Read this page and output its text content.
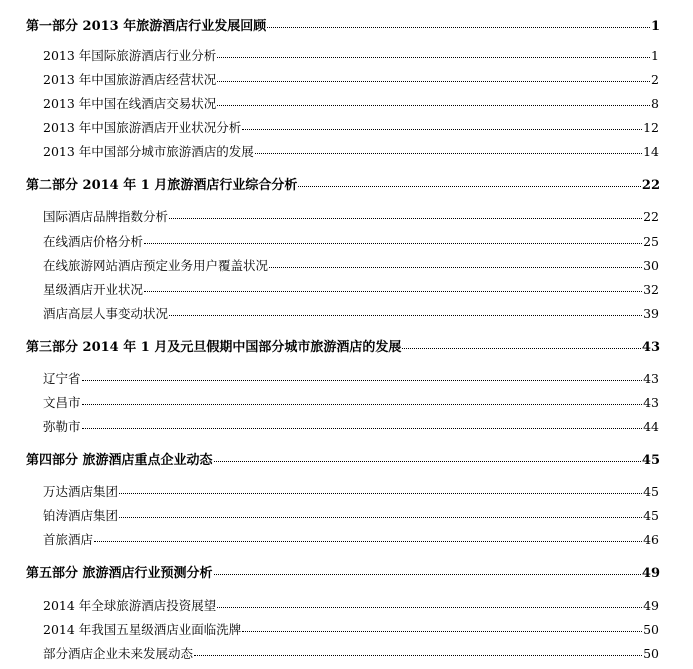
第一部分 2013 年旅游酒店行业发展回顾	1
2013 年国际旅游酒店行业分析	1
2013 年中国旅游酒店经营状况	2
2013 年中国在线酒店交易状况	8
2013 年中国旅游酒店开业状况分析	12
2013 年中国部分城市旅游酒店的发展	14
第二部分 2014 年 1 月旅游酒店行业综合分析	22
国际酒店品牌指数分析	22
在线酒店价格分析	25
在线旅游网站酒店预定业务用户覆盖状况	30
星级酒店开业状况	32
酒店高层人事变动状况	39
第三部分 2014 年 1 月及元旦假期中国部分城市旅游酒店的发展	43
辽宁省	43
文昌市	43
弥勒市	44
第四部分 旅游酒店重点企业动态	45
万达酒店集团	45
铂涛酒店集团	45
首旅酒店	46
第五部分 旅游酒店行业预测分析	49
2014 年全球旅游酒店投资展望	49
2014 年我国五星级酒店业面临洗牌	50
部分酒店企业未来发展动态	50
